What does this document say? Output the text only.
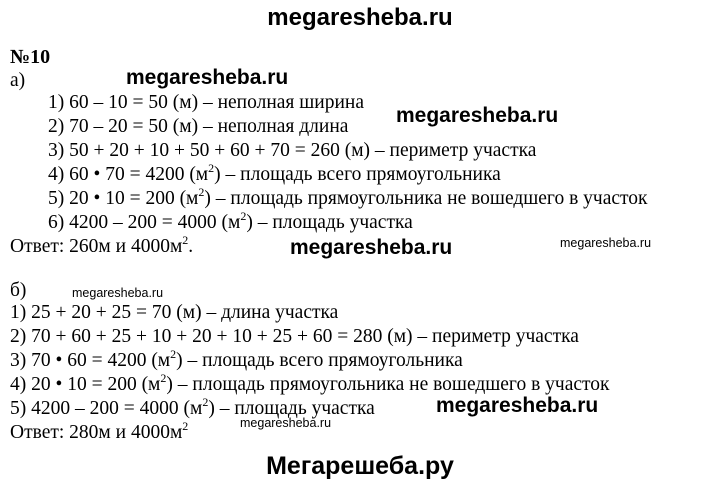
megaresheba.ru
№10
а)	megaresheba.ru
1) 60 – 10 = 50 (м) – неполная ширина
2) 70 – 20 = 50 (м) – неполная длина megaresheba.ru
3) 50 + 20 + 10 + 50 + 60 + 70 = 260 (м) – периметр участка
4) 60 • 70 = 4200 $(м^2)$ – площадь всего прямоугольника
5) 20 • 10 = 200 $(м^2)$ – площадь прямоугольника не вошедшего в участок
6) 4200 – 200 = 4000 $(м^2)$ – площадь участка
Ответ: 260м и $4000м^2$.	megaresheba.ru	megaresheba.ru
б)	megaresheba.ru
1) 25 + 20 + 25 = 70 (м) – длина участка
2) 70 + 60 + 25 + 10 + 20 + 10 + 25 + 60 = 280 (м) – периметр участка
3) 70 • 60 = 4200 $(м^2)$ – площадь всего прямоугольника
4) 20 • 10 = 200 $(м^2)$ – площадь прямоугольника не вошедшего в участок
5) 4200 – 200 = 4000 $(м^2)$ – площадь участка	megaresheba.ru
Ответ: 280м и $4000м^2$	megaresheba.ru
Мегарешеба.ру
